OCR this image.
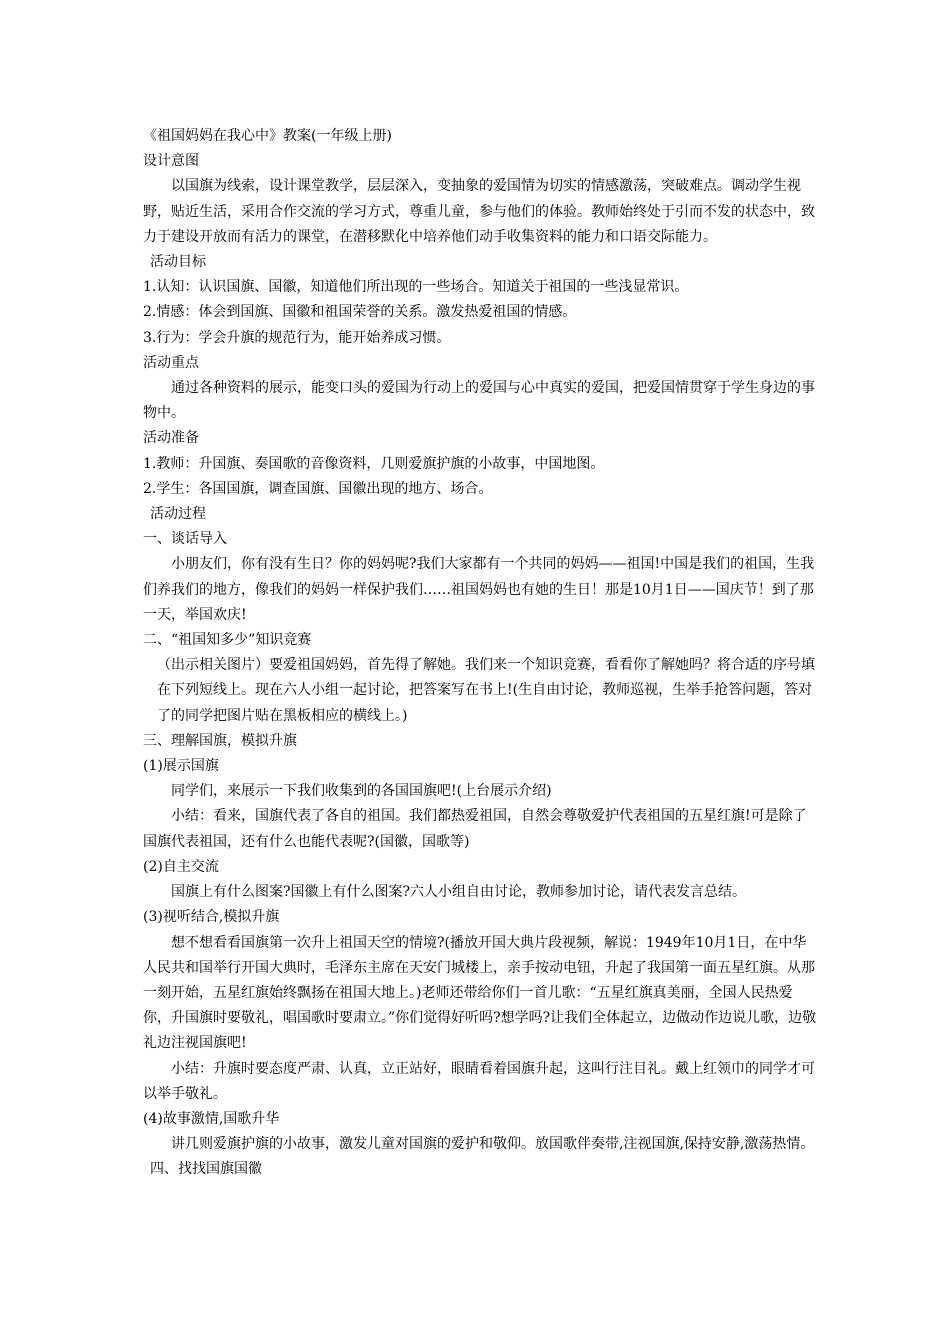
《祖国妈妈在我心中》教案(一年级上册)

设计意图

以国旗为线索，设计课堂教学，层层深入，变抽象的爱国情为切实的情感激荡，突破难点。调动学生视野，贴近生活，采用合作交流的学习方式，尊重儿童，参与他们的体验。教师始终处于引而不发的状态中，致力于建设开放而有活力的课堂，在潜移默化中培养他们动手收集资料的能力和口语交际能力。

活动目标

1.认知：认识国旗、国徽，知道他们所出现的一些场合。知道关于祖国的一些浅显常识。

2.情感：体会到国旗、国徽和祖国荣誉的关系。激发热爱祖国的情感。

3.行为：学会升旗的规范行为，能开始养成习惯。

活动重点

通过各种资料的展示，能变口头的爱国为行动上的爱国与心中真实的爱国，把爱国情贯穿于学生身边的事物中。

活动准备

1.教师：升国旗、奏国歌的音像资料，几则爱旗护旗的小故事，中国地图。

2.学生：各国国旗，调查国旗、国徽出现的地方、场合。

活动过程

一、谈话导入

小朋友们，你有没有生日？你的妈妈呢?我们大家都有一个共同的妈妈——祖国!中国是我们的祖国，生我们养我们的地方，像我们的妈妈一样保护我们……祖国妈妈也有她的生日！那是10月1日——国庆节！到了那一天，举国欢庆!

二、“祖国知多少”知识竞赛

（出示相关图片）要爱祖国妈妈，首先得了解她。我们来一个知识竞赛，看看你了解她吗？将合适的序号填在下列短线上。现在六人小组一起讨论，把答案写在书上!(生自由讨论，教师巡视，生举手抢答问题，答对了的同学把图片贴在黑板相应的横线上。)

三、理解国旗，模拟升旗

(1)展示国旗

同学们，来展示一下我们收集到的各国国旗吧!(上台展示介绍)

小结：看来，国旗代表了各自的祖国。我们都热爱祖国，自然会尊敬爱护代表祖国的五星红旗!可是除了国旗代表祖国，还有什么也能代表呢?(国徽，国歌等)

(2)自主交流

国旗上有什么图案?国徽上有什么图案?六人小组自由讨论，教师参加讨论，请代表发言总结。

(3)视听结合,模拟升旗

想不想看看国旗第一次升上祖国天空的情境?(播放开国大典片段视频，解说：1949年10月1日，在中华人民共和国举行开国大典时，毛泽东主席在天安门城楼上，亲手按动电钮，升起了我国第一面五星红旗。从那一刻开始，五星红旗始终飘扬在祖国大地上。)老师还带给你们一首儿歌：“五星红旗真美丽，全国人民热爱你，升国旗时要敬礼，唱国歌时要肃立。”你们觉得好听吗?想学吗?让我们全体起立，边做动作边说儿歌，边敬礼边注视国旗吧!

小结：升旗时要态度严肃、认真，立正站好，眼睛看着国旗升起，这叫行注目礼。戴上红领巾的同学才可以举手敬礼。

(4)故事激情,国歌升华

讲几则爱旗护旗的小故事，激发儿童对国旗的爱护和敬仰。放国歌伴奏带,注视国旗,保持安静,激荡热情。

四、找找国旗国徽
